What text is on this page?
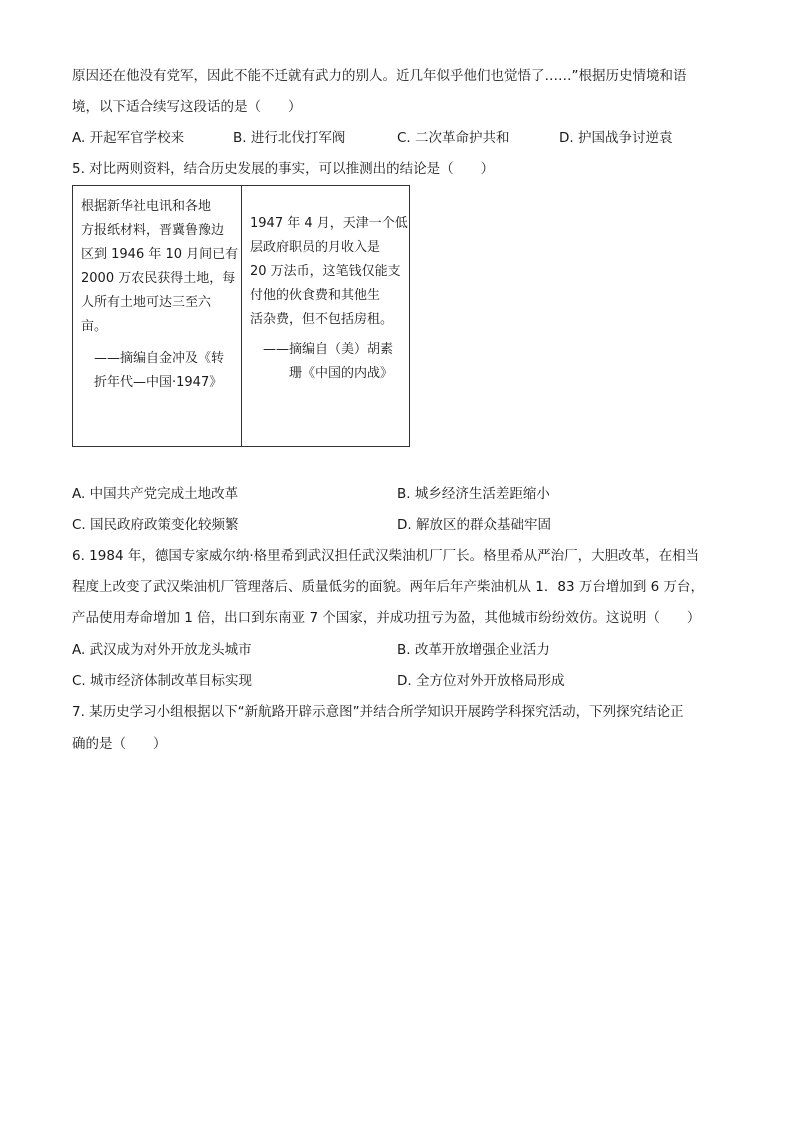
原因还在他没有党军，因此不能不迁就有武力的别人。近几年似乎他们也觉悟了……”根据历史情境和语
境，以下适合续写这段话的是（　　）
A. 开起军官学校来	B. 进行北伐打军阀	C. 二次革命护共和	D. 护国战争讨逆袁
5. 对比两则资料，结合历史发展的事实，可以推测出的结论是（　　）
根据新华社电讯和各地
方报纸材料，晋冀鲁豫边
区到 1946 年 10 月间已有
2000 万农民获得土地，每
人所有土地可达三至六
亩。
　——摘编自金冲及《转
　折年代—中国·1947》
1947 年 4 月，天津一个低
层政府职员的月收入是
20 万法币，这笔钱仅能支
付他的伙食费和其他生
活杂费，但不包括房租。
　——摘编自（美）胡素
　　　珊《中国的内战》
A. 中国共产党完成土地改革	B. 城乡经济生活差距缩小
C. 国民政府政策变化较频繁	D. 解放区的群众基础牢固
6. 1984 年，德国专家威尔纳·格里希到武汉担任武汉柴油机厂厂长。格里希从严治厂，大胆改革，在相当
程度上改变了武汉柴油机厂管理落后、质量低劣的面貌。两年后年产柴油机从 1．83 万台增加到 6 万台，
产品使用寿命增加 1 倍，出口到东南亚 7 个国家，并成功扭亏为盈，其他城市纷纷效仿。这说明（　　）
A. 武汉成为对外开放龙头城市	B. 改革开放增强企业活力
C. 城市经济体制改革目标实现	D. 全方位对外开放格局形成
7. 某历史学习小组根据以下“新航路开辟示意图”并结合所学知识开展跨学科探究活动，下列探究结论正
确的是（　　）
